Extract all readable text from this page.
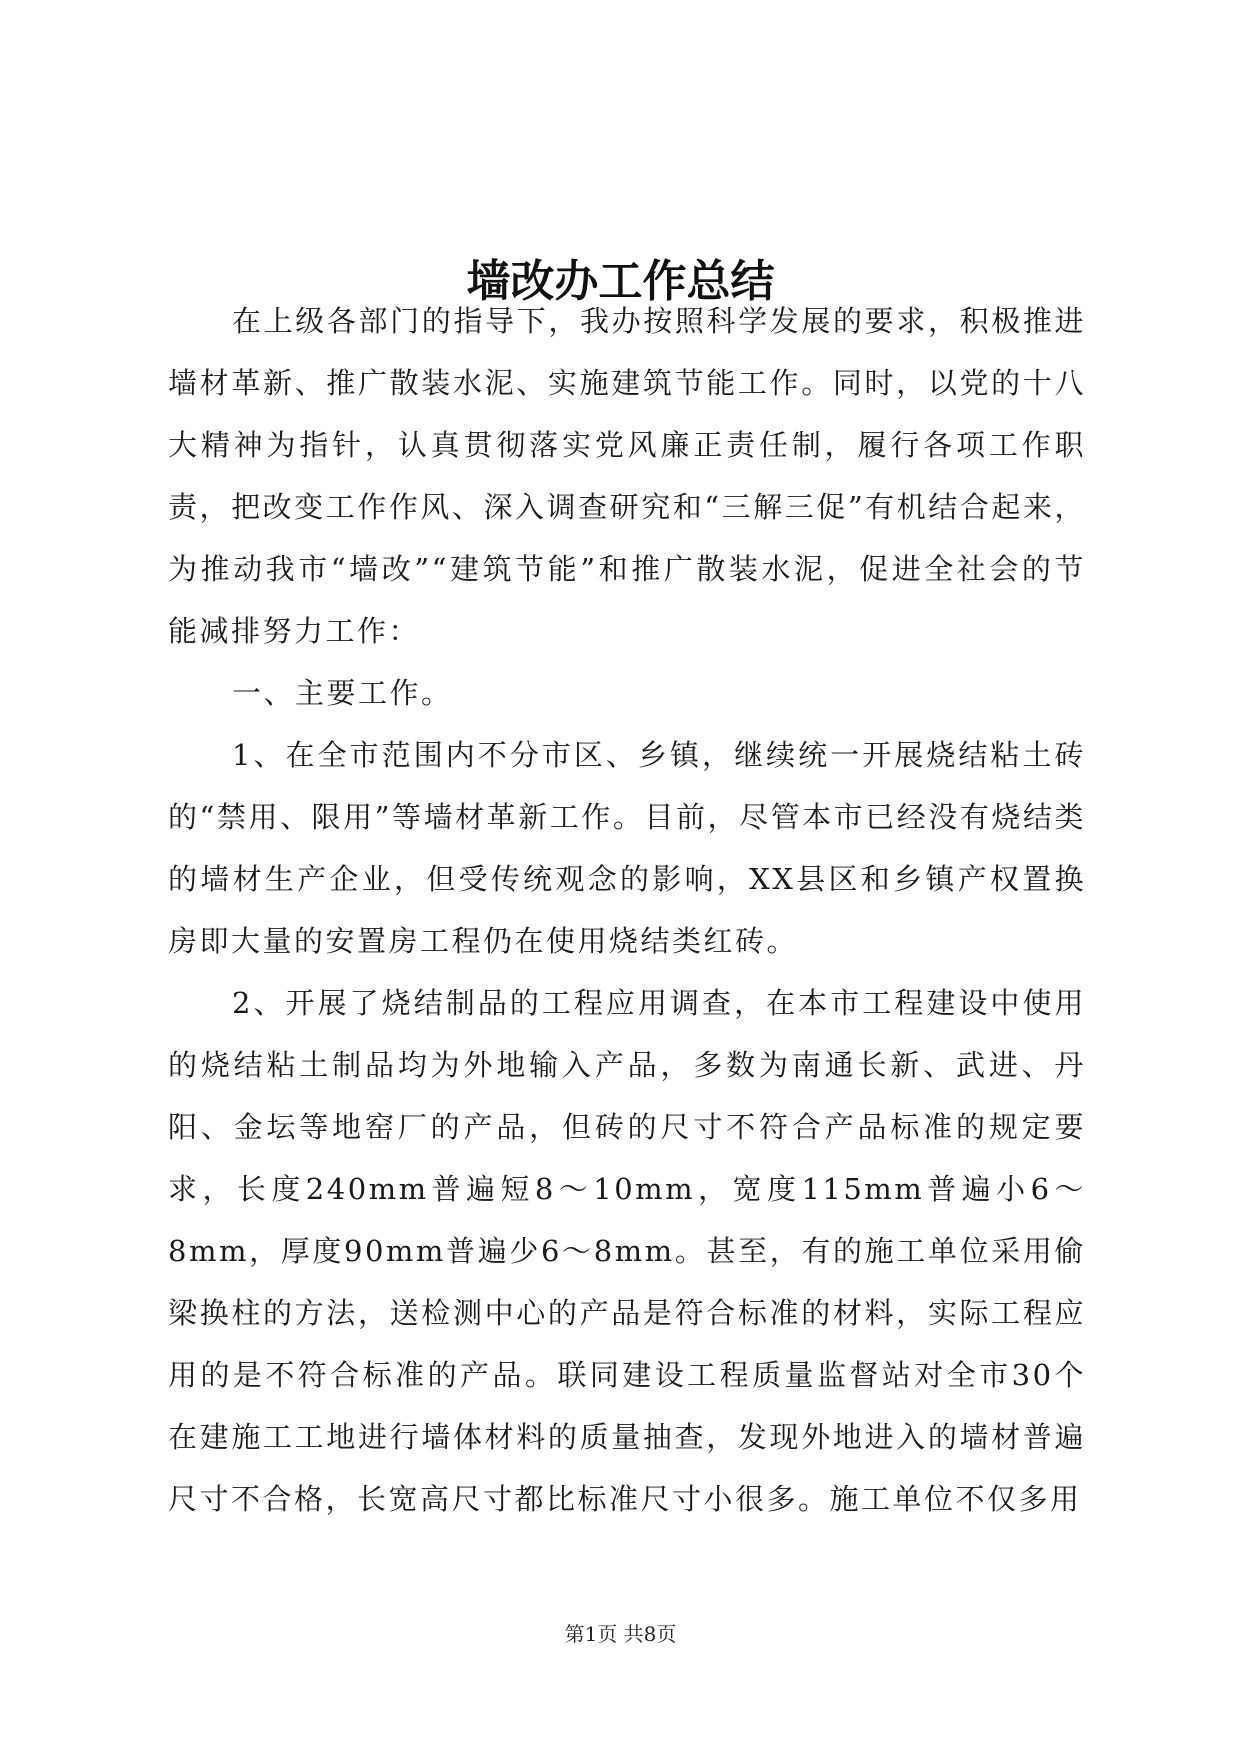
墙改办工作总结

在上级各部门的指导下，我办按照科学发展的要求，积极推进墙材革新、推广散装水泥、实施建筑节能工作。同时，以党的十八大精神为指针，认真贯彻落实党风廉正责任制，履行各项工作职责，把改变工作作风、深入调查研究和“三解三促”有机结合起来，为推动我市“墙改”“建筑节能”和推广散装水泥，促进全社会的节能减排努力工作：

一、主要工作。

1、在全市范围内不分市区、乡镇，继续统一开展烧结粘土砖的“禁用、限用”等墙材革新工作。目前，尽管本市已经没有烧结类的墙材生产企业，但受传统观念的影响，XX县区和乡镇产权置换房即大量的安置房工程仍在使用烧结类红砖。

2、开展了烧结制品的工程应用调查，在本市工程建设中使用的烧结粘土制品均为外地输入产品，多数为南通长新、武进、丹阳、金坛等地窑厂的产品，但砖的尺寸不符合产品标准的规定要求，长度240mm普遍短8～10mm，宽度115mm普遍小6～8mm，厚度90mm普遍少6～8mm。甚至，有的施工单位采用偷梁换柱的方法，送检测中心的产品是符合标准的材料，实际工程应用的是不符合标准的产品。联同建设工程质量监督站对全市30个在建施工工地进行墙体材料的质量抽查，发现外地进入的墙材普遍尺寸不合格，长宽高尺寸都比标准尺寸小很多。施工单位不仅多用

第1页 共8页
